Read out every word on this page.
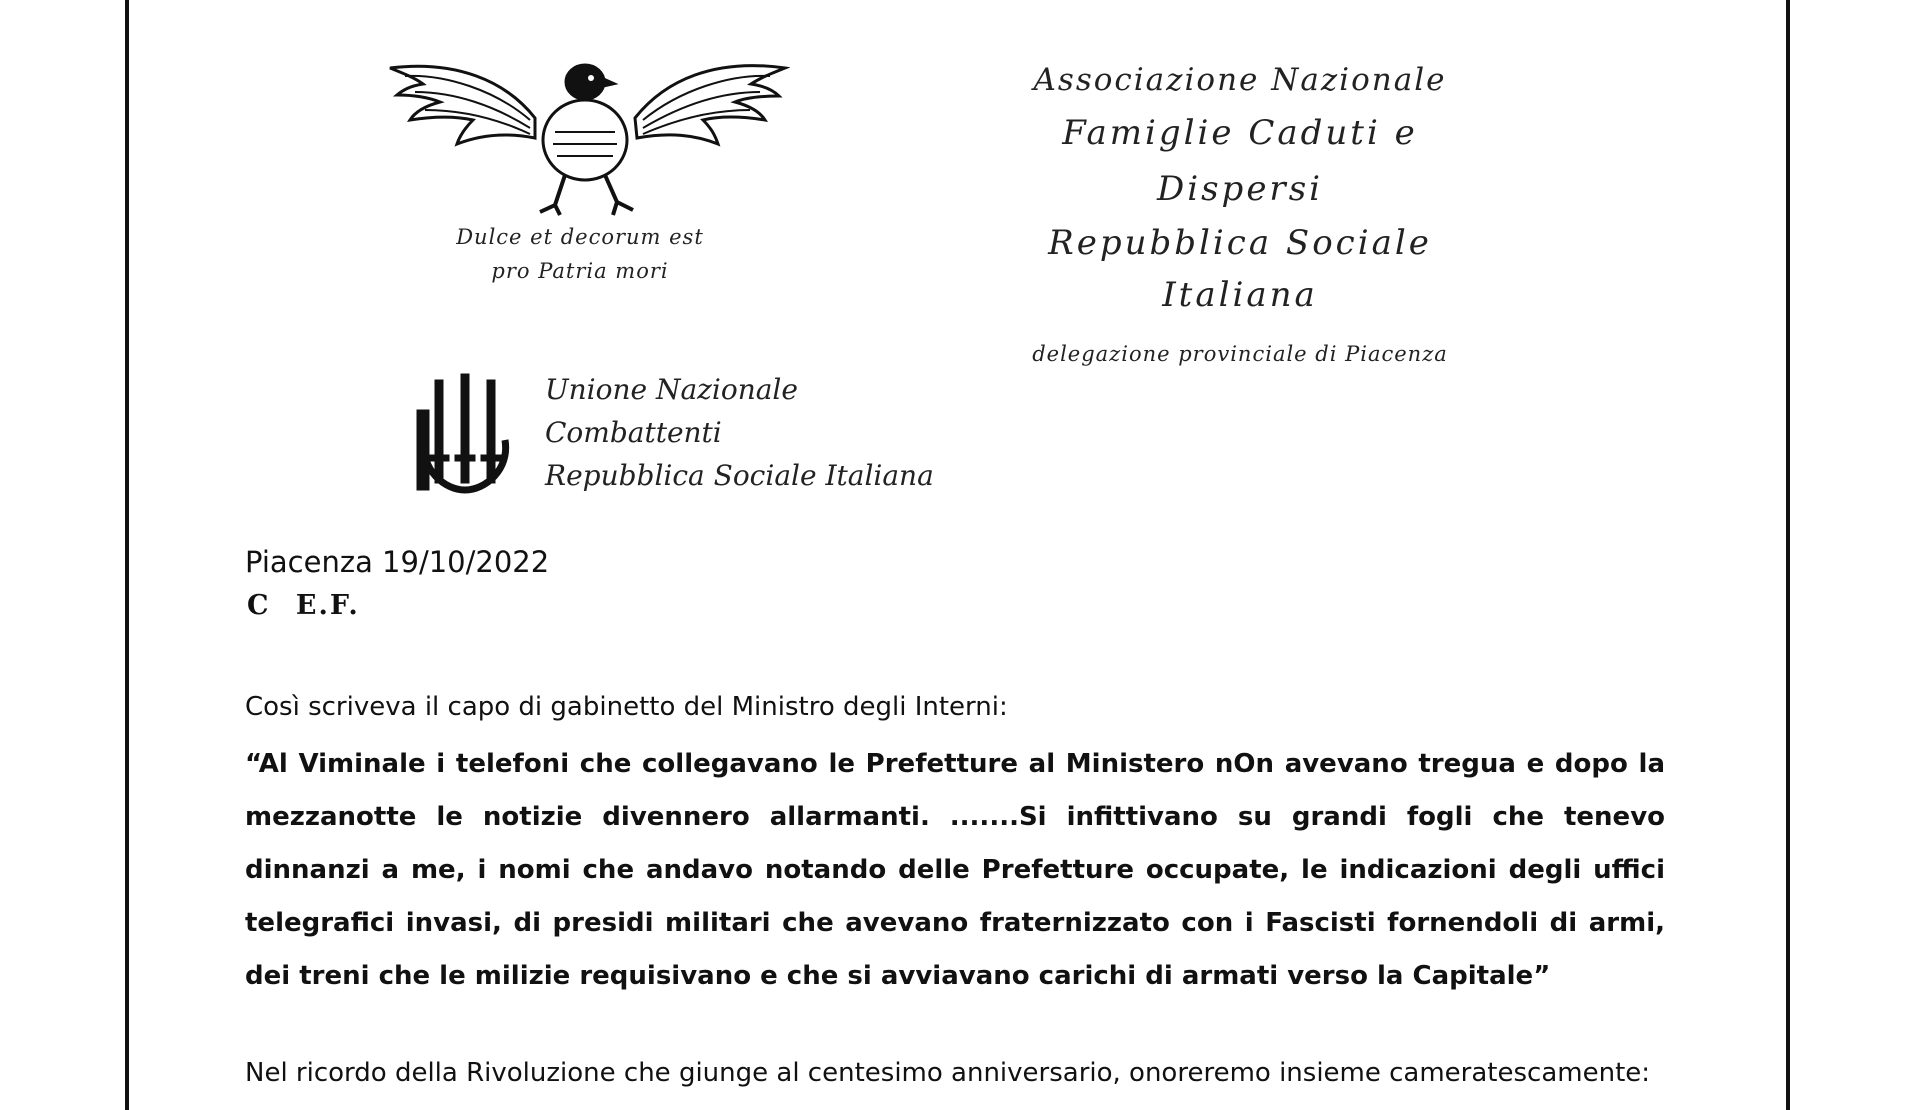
Dulce et decorum est
pro Patria mori
Associazione Nazionale
Famiglie Caduti e Dispersi
Repubblica Sociale Italiana
delegazione provinciale di Piacenza
Unione Nazionale
Combattenti
Repubblica Sociale Italiana
Piacenza 19/10/2022
C E.F.
Così scriveva il capo di gabinetto del Ministro degli Interni:
“Al Viminale i telefoni che collegavano le Prefetture al Ministero nOn avevano tregua e dopo la mezzanotte le notizie divennero allarmanti. .......Si infittivano su grandi fogli che tenevo dinnanzi a me, i nomi che andavo notando delle Prefetture occupate, le indicazioni degli uffici telegrafici invasi, di presidi militari che avevano fraternizzato con i Fascisti fornendoli di armi, dei treni che le milizie requisivano e che si avviavano carichi di armati verso la Capitale”
Nel ricordo della Rivoluzione che giunge al centesimo anniversario, onoreremo insieme cameratescamente:
